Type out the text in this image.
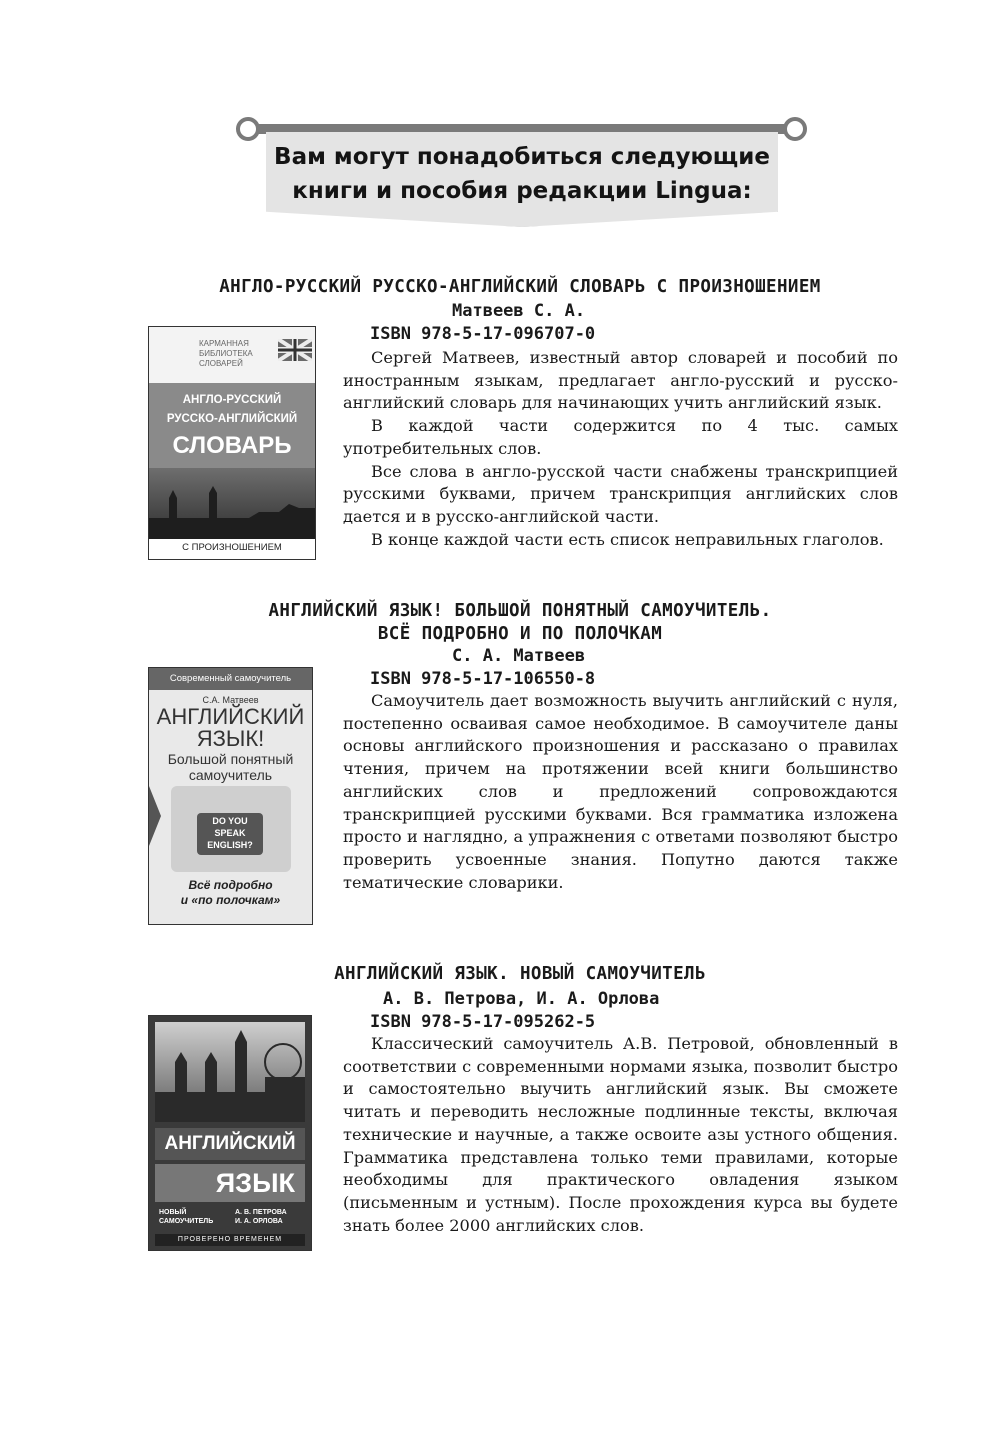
Вам могут понадобиться следующие
книги и пособия редакции Lingua:
АНГЛО-РУССКИЙ РУССКО-АНГЛИЙСКИЙ СЛОВАРЬ С ПРОИЗНОШЕНИЕМ
Матвеев С. А.
ISBN 978-5-17-096707-0

Сергей Матвеев, известный автор словарей и пособий по иностранным языкам, предлагает англо-русский и русско-английский словарь для начинающих учить английский язык.

В каждой части содержится по 4 тыс. самых употребительных слов.

Все слова в англо-русской части снабжены транскрипцией русскими буквами, причем транскрипция английских слов дается и в русско-английской части.

В конце каждой части есть список неправильных глаголов.

КАРМАННАЯ
БИБЛИОТЕКА
СЛОВАРЕЙ
АНГЛО-РУССКИЙ
РУССКО-АНГЛИЙСКИЙ
СЛОВАРЬ
С ПРОИЗНОШЕНИЕМ
АНГЛИЙСКИЙ ЯЗЫК! БОЛЬШОЙ ПОНЯТНЫЙ САМОУЧИТЕЛЬ.
ВСЁ ПОДРОБНО И ПО ПОЛОЧКАМ
С. А. Матвеев
ISBN 978-5-17-106550-8

Самоучитель дает возможность выучить английский с нуля, постепенно осваивая самое необходимое. В самоучителе даны основы английского произношения и рассказано о правилах чтения, причем на протяжении всей книги большинство английских слов и предложений сопровождаются транскрипцией русскими буквами. Вся грамматика изложена просто и наглядно, а упражнения с ответами позволяют быстро проверить усвоенные знания. Попутно даются также тематические словарики.

Современный самоучитель
С.А. Матвеев
АНГЛИЙСКИЙ
ЯЗЫК!
Большой понятный
самоучитель
DO YOU
SPEAK
ENGLISH?
Всё подробно
и «по полочкам»
АНГЛИЙСКИЙ ЯЗЫК. НОВЫЙ САМОУЧИТЕЛЬ
А. В. Петрова, И. А. Орлова
ISBN 978-5-17-095262-5

Классический самоучитель А.В. Петровой, обновленный в соответствии с современными нормами языка, позволит быстро и самостоятельно выучить английский язык. Вы сможете читать и переводить несложные подлинные тексты, включая технические и научные, а также освоите азы устного общения. Грамматика представлена только теми правилами, которые необходимы для практического овладения языком (письменным и устным). После прохождения курса вы будете знать более 2000 английских слов.

АНГЛИЙСКИЙ
ЯЗЫК
НОВЫЙ
САМОУЧИТЕЛЬ
А. В. ПЕТРОВА
И. А. ОРЛОВА
ПРОВЕРЕНО ВРЕМЕНЕМ
